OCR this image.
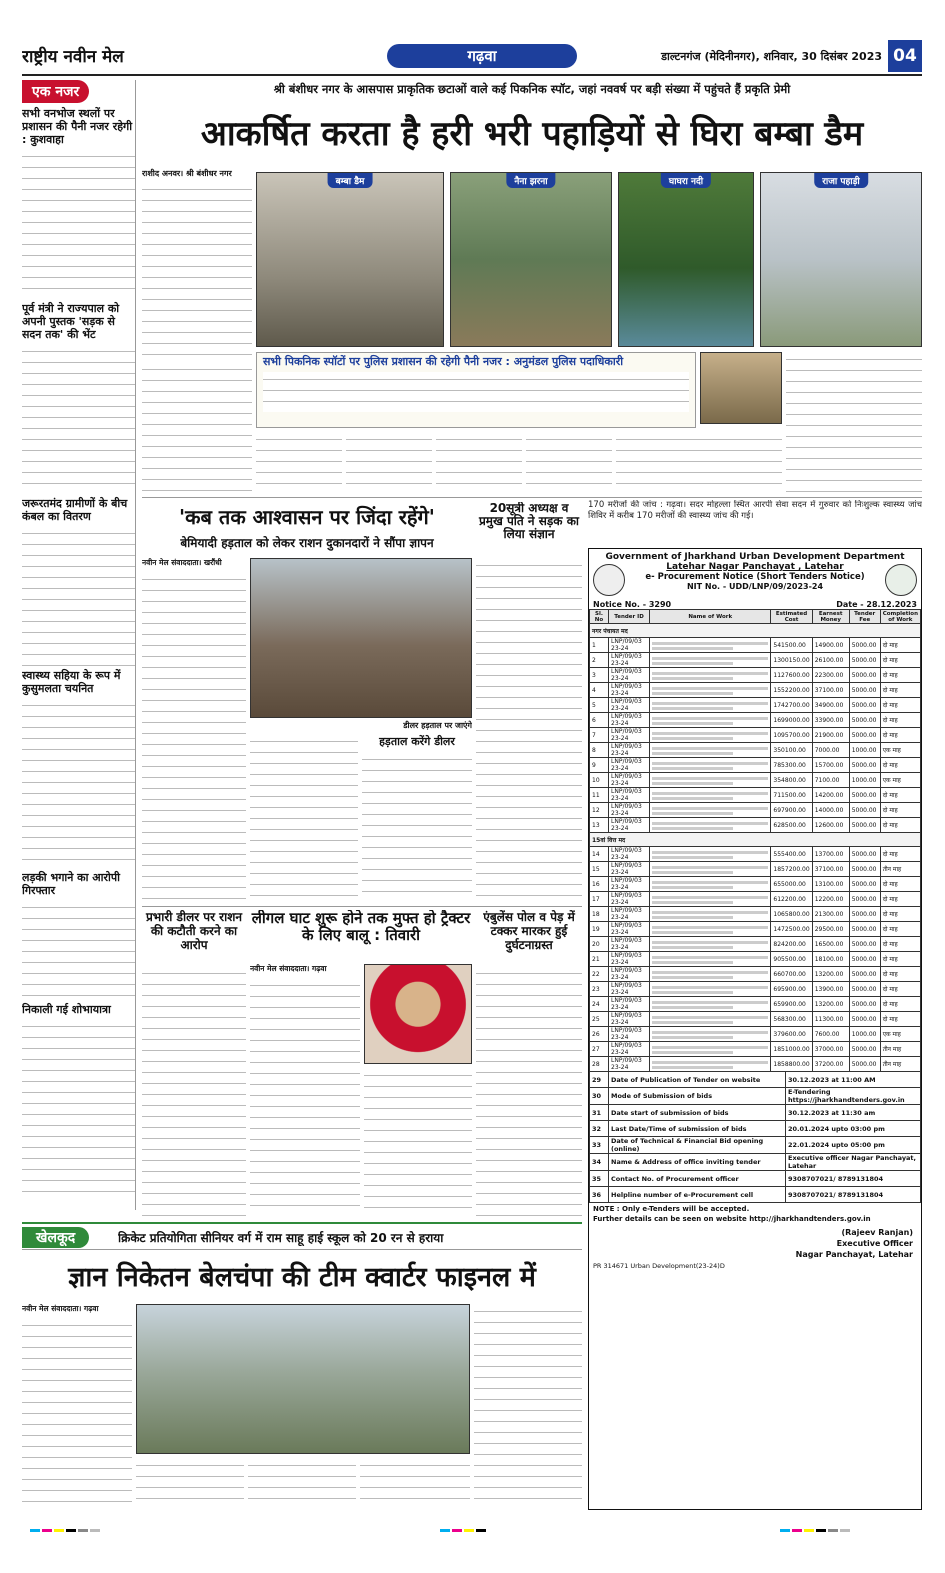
राष्ट्रीय नवीन मेल	गढ़वा	डाल्टनगंज (मेदिनीनगर), शनिवार, 30 दिसंबर 2023 04
एक नजर
सभी वनभोज स्थलों पर प्रशासन की पैनी नजर रहेगी : कुशवाहा
पूर्व मंत्री ने राज्यपाल को अपनी पुस्तक 'सड़क से सदन तक' की भेंट
जरूरतमंद ग्रामीणों के बीच कंबल का वितरण
स्वास्थ्य सहिया के रूप में कुसुमलता चयनित
लड़की भगाने का आरोपी गिरफ्तार
निकाली गई शोभायात्रा
श्री बंशीधर नगर के आसपास प्राकृतिक छटाओं वाले कई पिकनिक स्पॉट, जहां नववर्ष पर बड़ी संख्या में पहुंचते हैं प्रकृति प्रेमी
आकर्षित करता है हरी भरी पहाड़ियों से घिरा बम्बा डैम
राशीद अनवर। श्री बंशीधर नगर
बम्बा डैम	नैना झरना	घाघरा नदी	राजा पहाड़ी
सभी पिकनिक स्पॉटों पर पुलिस प्रशासन की रहेगी पैनी नजर : अनुमंडल पुलिस पदाधिकारी
'कब तक आश्वासन पर जिंदा रहेंगे'
बेमियादी हड़ताल को लेकर राशन दुकानदारों ने सौंपा ज्ञापन
नवीन मेल संवाददाता। खरौंधी
डीलर हड़ताल पर जाएंगे
हड़ताल करेंगे डीलर
20सूत्री अध्यक्ष व प्रमुख पति ने सड़क का लिया संज्ञान
170 मरीजों की जांच : गढ़वा। सदर मोहल्ला स्थित आरपी सेवा सदन में गुरुवार को निःशुल्क स्वास्थ्य जांच शिविर में करीब 170 मरीजों की स्वास्थ्य जांच की गई।
प्रभारी डीलर पर राशन की कटौती करने का आरोप
लीगल घाट शुरू होने तक मुफ्त हो ट्रैक्टर के लिए बालू : तिवारी
नवीन मेल संवाददाता। गढ़वा
एंबुलेंस पोल व पेड़ में टक्कर मारकर हुई दुर्घटनाग्रस्त
Government of Jharkhand Urban Development Department
Latehar Nagar Panchayat , Latehar
e- Procurement Notice (Short Tenders Notice)
NIT No. - UDD/LNP/09/2023-24
Notice No. - 3290	Date - 28.12.2023
Sl. No	Tender ID	Name of Work	Estimated Cost	Earnest Money	Tender Fee	Completion of Work
नगर पंचायत मद						
1	LNP/09/03 23-24		541500.00	14900.00	5000.00	दो माह
2	LNP/09/03 23-24		1300150.00	26100.00	5000.00	दो माह
3	LNP/09/03 23-24		1127600.00	22300.00	5000.00	दो माह
4	LNP/09/03 23-24		1552200.00	37100.00	5000.00	दो माह
5	LNP/09/03 23-24		1742700.00	34900.00	5000.00	दो माह
6	LNP/09/03 23-24		1699000.00	33900.00	5000.00	दो माह
7	LNP/09/03 23-24		1095700.00	21900.00	5000.00	दो माह
8	LNP/09/03 23-24		350100.00	7000.00	1000.00	एक माह
9	LNP/09/03 23-24		785300.00	15700.00	5000.00	दो माह
10	LNP/09/03 23-24		354800.00	7100.00	1000.00	एक माह
11	LNP/09/03 23-24		711500.00	14200.00	5000.00	दो माह
12	LNP/09/03 23-24		697900.00	14000.00	5000.00	दो माह
13	LNP/09/03 23-24		628500.00	12600.00	5000.00	दो माह
15वां वित्त मद						
14	LNP/09/03 23-24		555400.00	13700.00	5000.00	दो माह
15	LNP/09/03 23-24		1857200.00	37100.00	5000.00	तीन माह
16	LNP/09/03 23-24		655000.00	13100.00	5000.00	दो माह
17	LNP/09/03 23-24		612200.00	12200.00	5000.00	दो माह
18	LNP/09/03 23-24		1065800.00	21300.00	5000.00	दो माह
19	LNP/09/03 23-24		1472500.00	29500.00	5000.00	दो माह
20	LNP/09/03 23-24		824200.00	16500.00	5000.00	दो माह
21	LNP/09/03 23-24		905500.00	18100.00	5000.00	दो माह
22	LNP/09/03 23-24		660700.00	13200.00	5000.00	दो माह
23	LNP/09/03 23-24		695900.00	13900.00	5000.00	दो माह
24	LNP/09/03 23-24		659900.00	13200.00	5000.00	दो माह
25	LNP/09/03 23-24		568300.00	11300.00	5000.00	दो माह
26	LNP/09/03 23-24		379600.00	7600.00	1000.00	एक माह
27	LNP/09/03 23-24		1851000.00	37000.00	5000.00	तीन माह
28	LNP/09/03 23-24		1858800.00	37200.00	5000.00	तीन माह
29	Date of Publication of Tender on website	30.12.2023 at 11:00 AM
30	Mode of Submission of bids	E-Tendering https://jharkhandtenders.gov.in
31	Date start of submission of bids	30.12.2023 at 11:30 am
32	Last Date/Time of submission of bids	20.01.2024 upto 03:00 pm
33	Date of Technical & Financial Bid opening (online)	22.01.2024 upto 05:00 pm
34	Name & Address of office inviting tender	Executive officer Nagar Panchayat, Latehar
35	Contact No. of Procurement officer	9308707021/ 8789131804
36	Helpline number of e-Procurement cell	9308707021/ 8789131804
NOTE : Only e-Tenders will be accepted.
Further details can be seen on website http://jharkhandtenders.gov.in
(Rajeev Ranjan)
Executive Officer
Nagar Panchayat, Latehar
PR 314671 Urban Development(23-24)D
खेलकूद	क्रिकेट प्रतियोगिता सीनियर वर्ग में राम साहू हाई स्कूल को 20 रन से हराया
ज्ञान निकेतन बेलचंपा की टीम क्वार्टर फाइनल में
नवीन मेल संवाददाता। गढ़वा
